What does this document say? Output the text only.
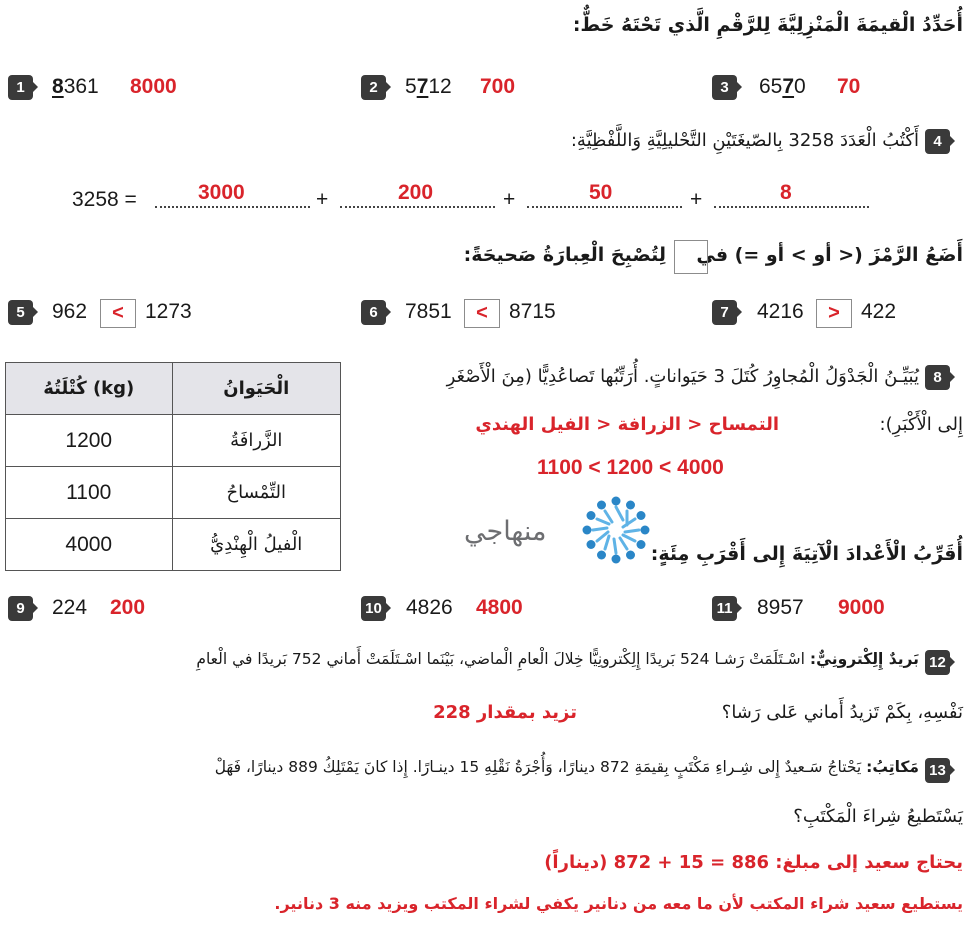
أُحَدِّدُ الْقيمَةَ الْمَنْزِلِيَّةَ لِلرَّقْمِ الَّذي تَحْتَهُ خَطٌّ:
1	8361 8000	2	5712 700	3	6570 70
4
أَكْتُبُ الْعَدَدَ 3258 بِالصّيغَتَيْنِ التَّحْليلِيَّةِ وَاللَّفْظِيَّةِ:
3258 =	3000	+	200	+	50	+	8
أَضَعُ الرَّمْزَ (< أو > أو =) في
لِتُصْبِحَ الْعِبارَةُ صَحيحَةً:
5	962	<	1273	6	7851	<	8715	7	4216	>	422
كُتْلَتُهُ (kg)	الْحَيَوانُ
1200	الزَّرافَةُ
1100	التِّمْساحُ
4000	الْفيلُ الْهِنْدِيُّ
8
يُبَيِّـنُ الْجَدْوَلُ الْمُجاوِرُ كُتَلَ 3 حَيَواناتٍ. أُرَتِّبُها تَصاعُدِيًّا (مِنَ الْأَصْغَرِ
إِلى الْأَكْبَرِ):
التمساح < الزرافة < الفيل الهندي
1100 < 1200 < 4000
منهاجي
أُقَرِّبُ الْأَعْدادَ الْآتِيَةَ إِلى أَقْرَبِ مِئَةٍ:
9	224 200	10 4826 4800	11 8957 9000
12
بَريدٌ إِلِكْترونِيٌّ: اسْـتَلَمَتْ رَشـا 524 بَريدًا إِلِكْترونِيًّا خِلالَ الْعامِ الْماضي، بَيْنَما اسْـتَلَمَتْ أَماني 752 بَريدًا في الْعامِ
نَفْسِهِ، بِكَمْ تَزيدُ أَماني عَلى رَشا؟
تزيد بمقدار 228
13
مَكاتِبُ: يَحْتاجُ سَـعيدٌ إِلى شِـراءِ مَكْتَبٍ بِقيمَةِ 872 دينارًا، وَأُجْرَةُ نَقْلِهِ 15 دينـارًا. إِذا كانَ يَمْتَلِكُ 889 دينارًا، فَهَلْ
يَسْتَطيعُ شِراءَ الْمَكْتَبِ؟
يحتاج سعيد إلى مبلغ: 886 = 15 + 872 (ديناراً)
يستطيع سعيد شراء المكتب لأن ما معه من دنانير يكفي لشراء المكتب ويزيد منه 3 دنانير.
